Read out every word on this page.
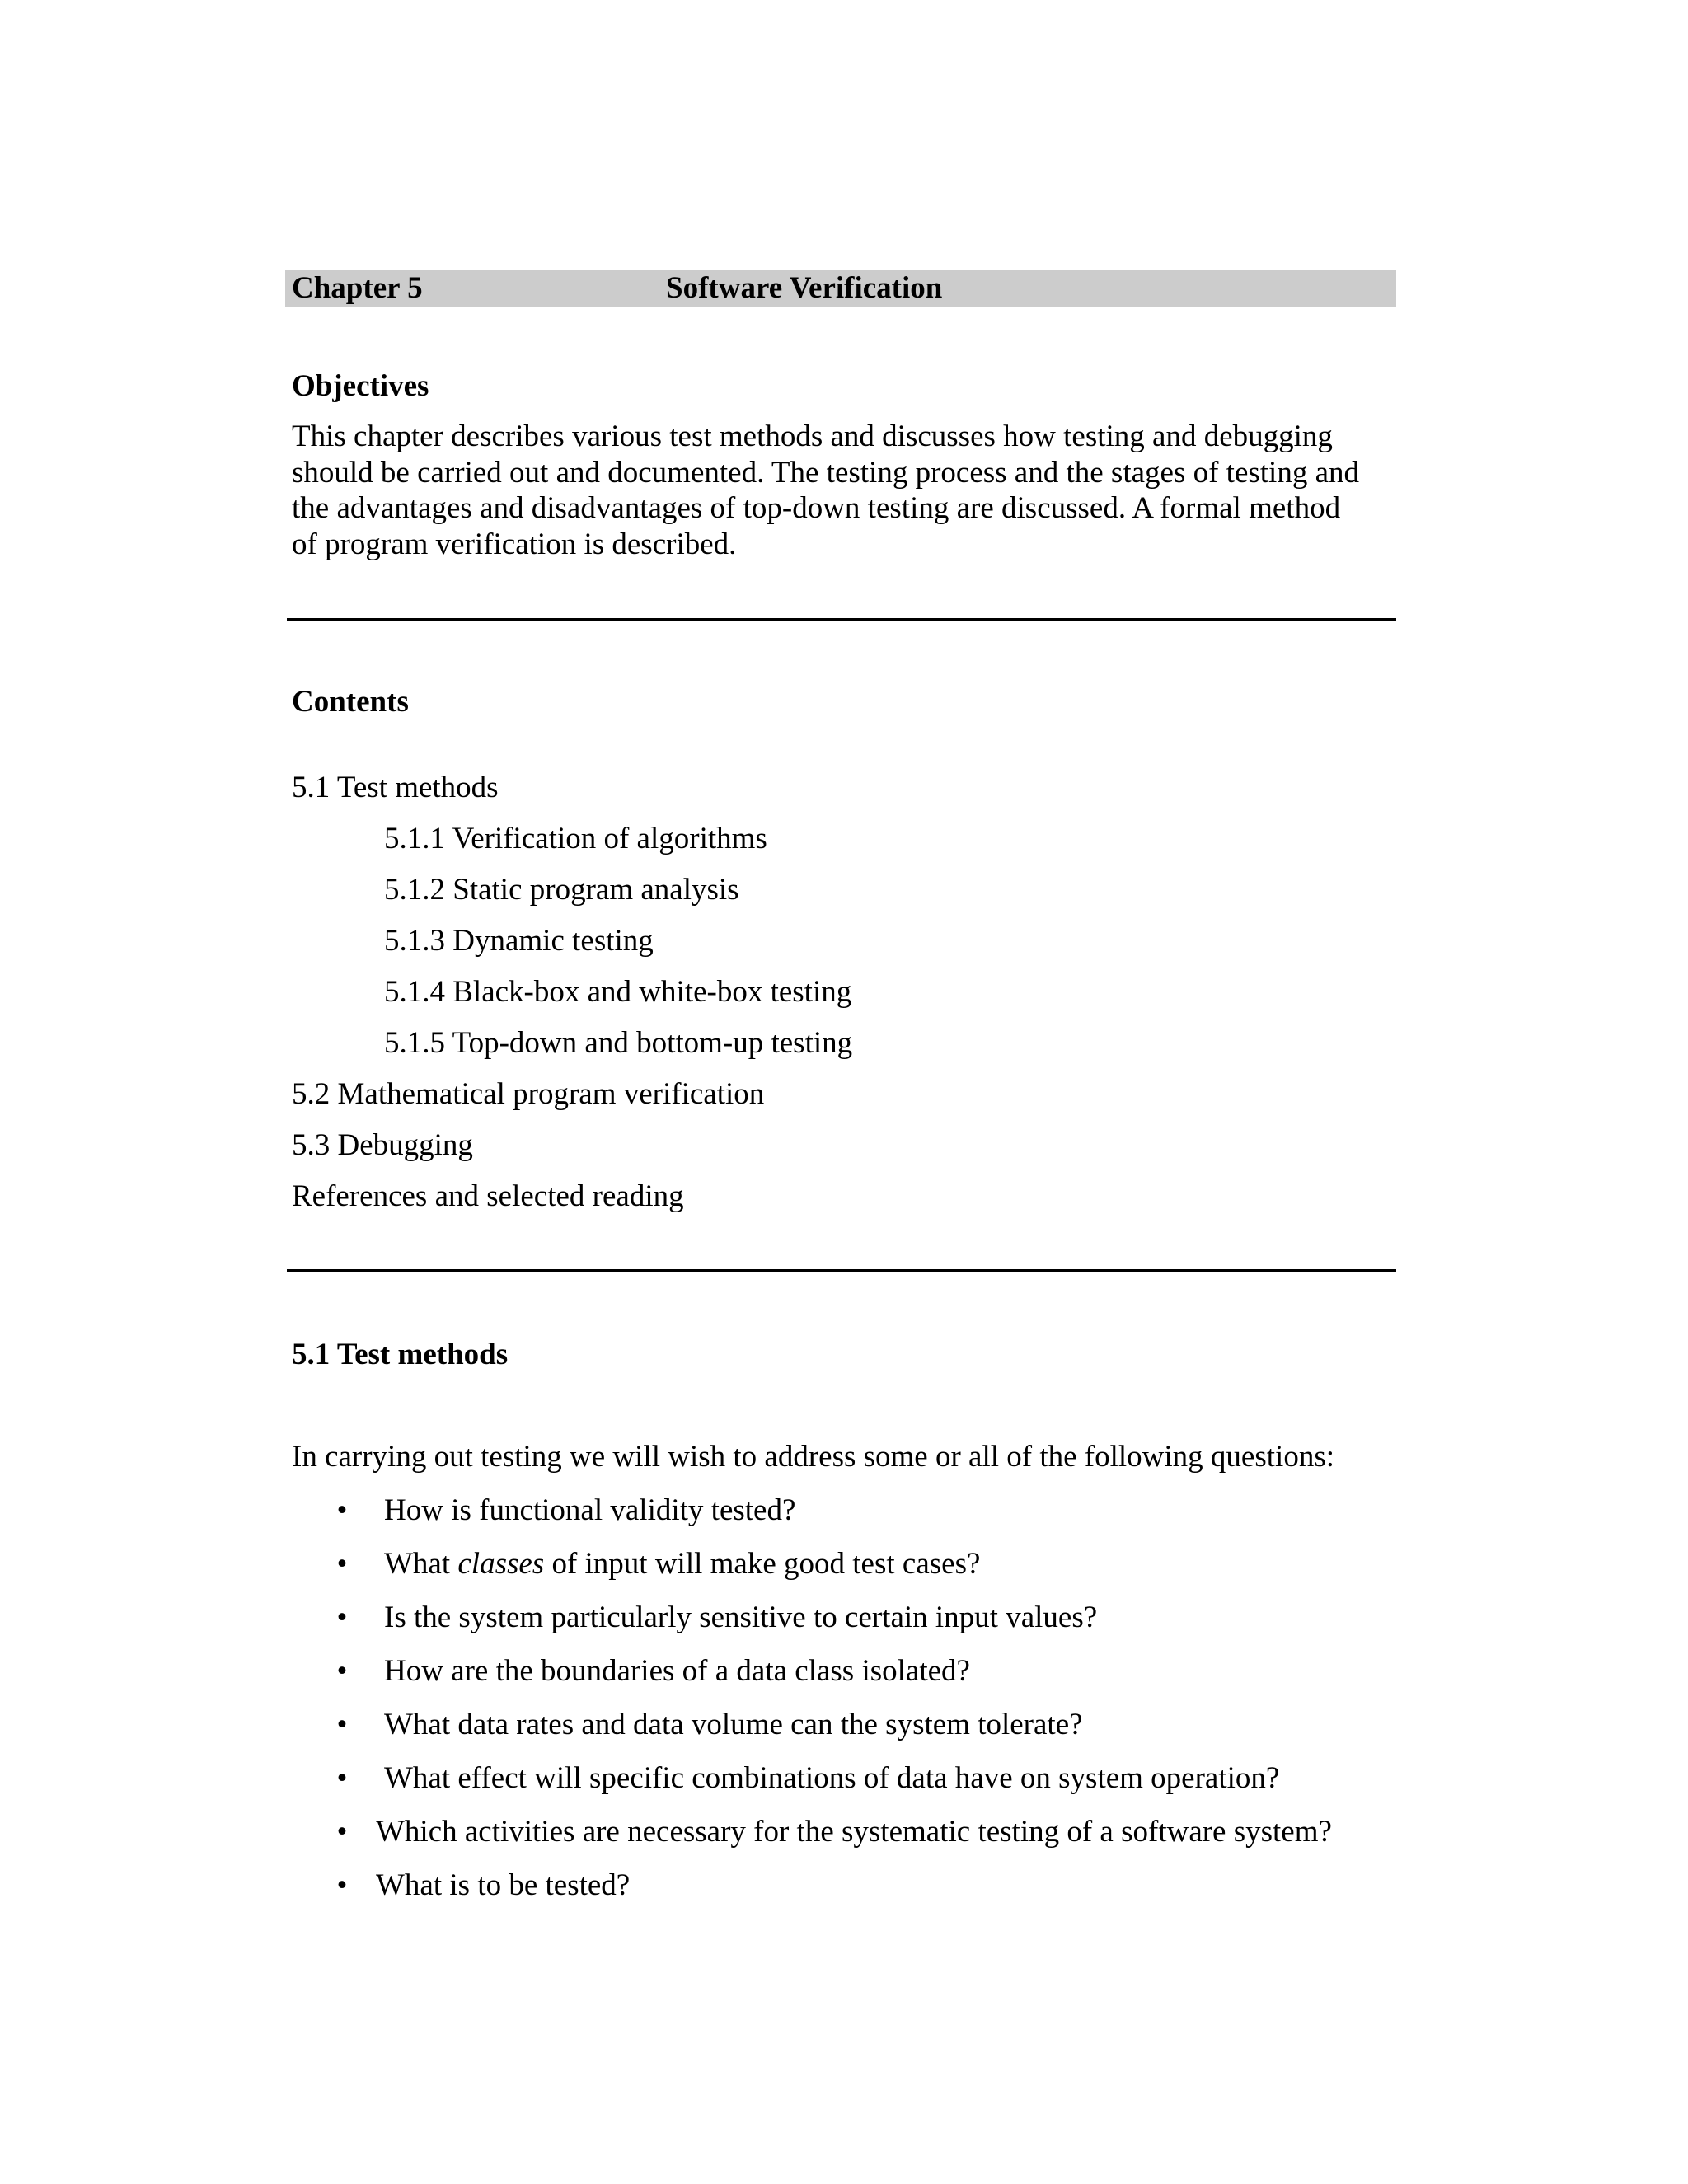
Chapter 5	Software Verification
Objectives
This chapter describes various test methods and discusses how testing and debugging
should be carried out and documented. The testing process and the stages of testing and
the advantages and disadvantages of top-down testing are discussed. A formal method
of program verification is described.
Contents
5.1 Test methods
5.1.1 Verification of algorithms
5.1.2 Static program analysis
5.1.3 Dynamic testing
5.1.4 Black-box and white-box testing
5.1.5 Top-down and bottom-up testing
5.2 Mathematical program verification
5.3 Debugging
References and selected reading
5.1 Test methods
In carrying out testing we will wish to address some or all of the following questions:
• How is functional validity tested?
• What classes of input will make good test cases?
• Is the system particularly sensitive to certain input values?
• How are the boundaries of a data class isolated?
• What data rates and data volume can the system tolerate?
• What effect will specific combinations of data have on system operation?
• Which activities are necessary for the systematic testing of a software system?
• What is to be tested?
